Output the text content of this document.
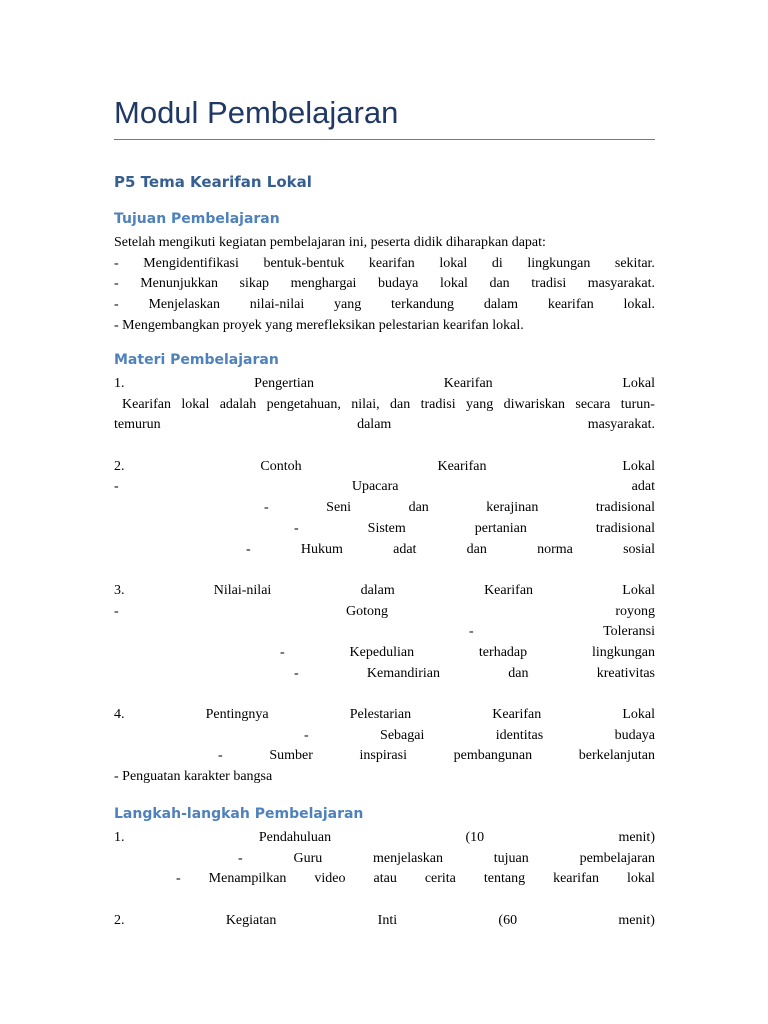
Modul Pembelajaran
P5 Tema Kearifan Lokal
Tujuan Pembelajaran
Setelah mengikuti kegiatan pembelajaran ini, peserta didik diharapkan dapat:
- Mengidentifikasi bentuk-bentuk kearifan lokal di lingkungan sekitar.
- Menunjukkan sikap menghargai budaya lokal dan tradisi masyarakat.
- Menjelaskan nilai-nilai yang terkandung dalam kearifan lokal.
- Mengembangkan proyek yang merefleksikan pelestarian kearifan lokal.
Materi Pembelajaran
1.	Pengertian	Kearifan	Lokal
Kearifan lokal adalah pengetahuan, nilai, dan tradisi yang diwariskan secara turun-
temurun	dalam	masyarakat.
2.	Contoh	Kearifan	Lokal
-	Upacara	adat
-	Seni	dan	kerajinan	tradisional
-	Sistem	pertanian	tradisional
-	Hukum	adat	dan	norma	sosial
3.	Nilai-nilai	dalam	Kearifan	Lokal
-	Gotong	royong
-	Toleransi
-	Kepedulian	terhadap	lingkungan
-	Kemandirian	dan	kreativitas
4.	Pentingnya	Pelestarian	Kearifan	Lokal
-	Sebagai	identitas	budaya
-	Sumber	inspirasi	pembangunan	berkelanjutan
- Penguatan karakter bangsa
Langkah-langkah Pembelajaran
1.	Pendahuluan	(10	menit)
-	Guru	menjelaskan	tujuan	pembelajaran
- Menampilkan video atau cerita tentang kearifan lokal
2.	Kegiatan	Inti	(60	menit)
